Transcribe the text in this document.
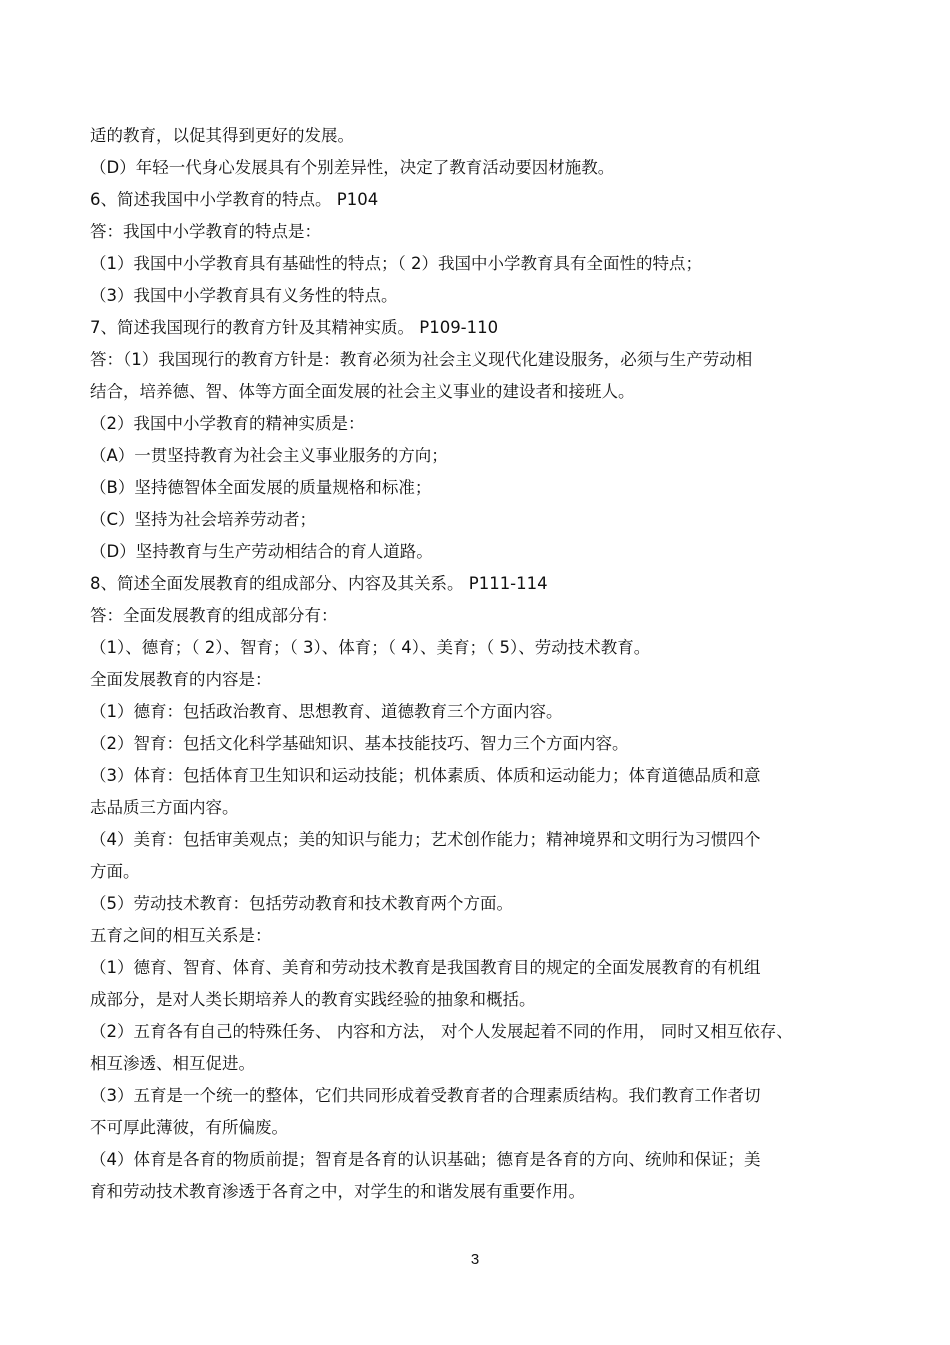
适的教育，以促其得到更好的发展。

（D）年轻一代身心发展具有个别差异性，决定了教育活动要因材施教。

6、简述我国中小学教育的特点。 P104

答：我国中小学教育的特点是：

（1）我国中小学教育具有基础性的特点；（ 2）我国中小学教育具有全面性的特点；

（3）我国中小学教育具有义务性的特点。

7、简述我国现行的教育方针及其精神实质。 P109-110

答：（1）我国现行的教育方针是：教育必须为社会主义现代化建设服务，必须与生产劳动相

结合，培养德、智、体等方面全面发展的社会主义事业的建设者和接班人。

（2）我国中小学教育的精神实质是：

（A）一贯坚持教育为社会主义事业服务的方向；

（B）坚持德智体全面发展的质量规格和标准；

（C）坚持为社会培养劳动者；

（D）坚持教育与生产劳动相结合的育人道路。

8、简述全面发展教育的组成部分、内容及其关系。 P111-114

答：全面发展教育的组成部分有：

（1）、德育；（ 2）、智育；（ 3）、体育；（ 4）、美育；（ 5）、劳动技术教育。

全面发展教育的内容是：

（1）德育：包括政治教育、思想教育、道德教育三个方面内容。

（2）智育：包括文化科学基础知识、基本技能技巧、智力三个方面内容。

（3）体育：包括体育卫生知识和运动技能；机体素质、体质和运动能力；体育道德品质和意

志品质三方面内容。

（4）美育：包括审美观点；美的知识与能力；艺术创作能力；精神境界和文明行为习惯四个

方面。

（5）劳动技术教育：包括劳动教育和技术教育两个方面。

五育之间的相互关系是：

（1）德育、智育、体育、美育和劳动技术教育是我国教育目的规定的全面发展教育的有机组

成部分，是对人类长期培养人的教育实践经验的抽象和概括。

（2）五育各有自己的特殊任务、 内容和方法， 对个人发展起着不同的作用， 同时又相互依存、

相互渗透、相互促进。

（3）五育是一个统一的整体，它们共同形成着受教育者的合理素质结构。我们教育工作者切

不可厚此薄彼，有所偏废。

（4）体育是各育的物质前提；智育是各育的认识基础；德育是各育的方向、统帅和保证；美

育和劳动技术教育渗透于各育之中，对学生的和谐发展有重要作用。

3
